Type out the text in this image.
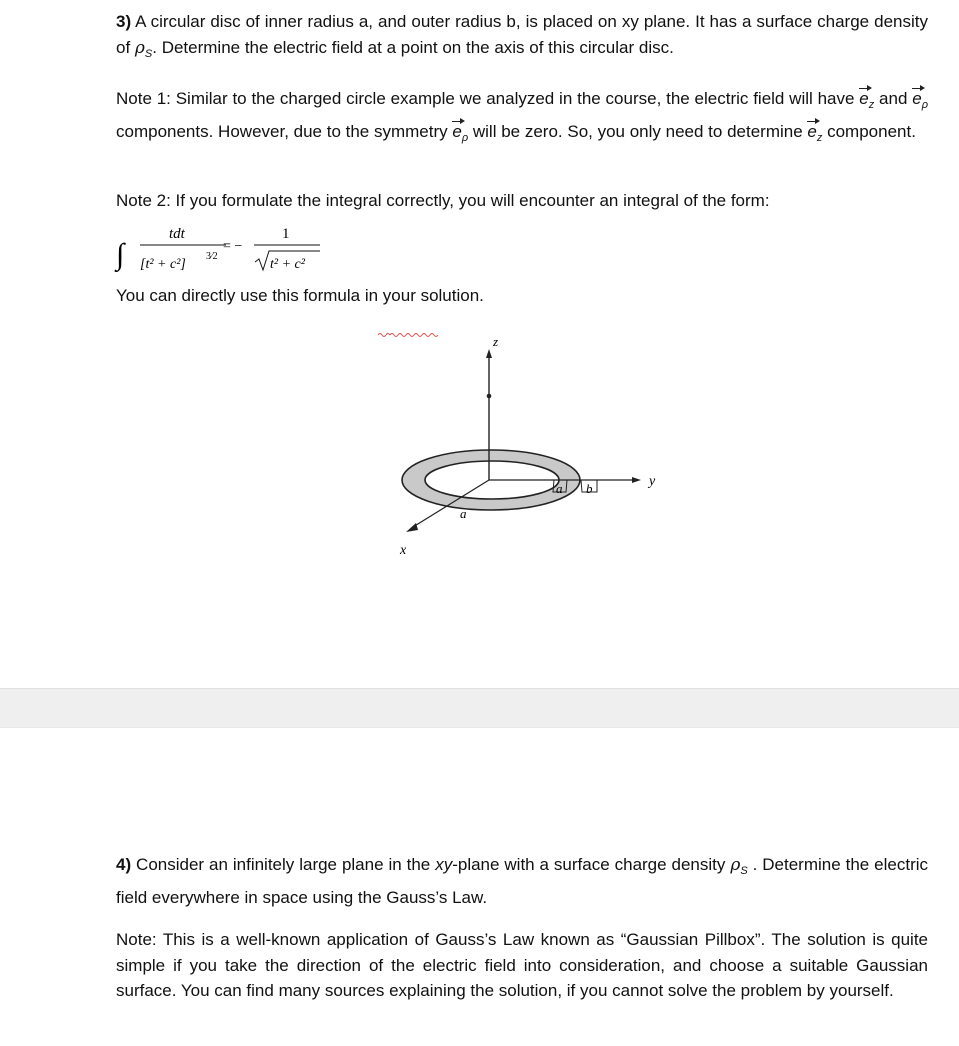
3) A circular disc of inner radius a, and outer radius b, is placed on xy plane. It has a surface charge density of $\rho_S$. Determine the electric field at a point on the axis of this circular disc.

Note 1: Similar to the charged circle example we analyzed in the course, the electric field will have $e_z$ and $e_\rho$ components. However, due to the symmetry $e_\rho$ will be zero. So, you only need to determine $e_z$ component.

Note 2: If you formulate the integral correctly, you will encounter an integral of the form:

∫
tdt
[t² + c²]
3⁄2
= −
1
t² + c²

You can directly use this formula in your solution.

z
y
x
a
a b

4) Consider an infinitely large plane in the xy-plane with a surface charge density $\rho_S$ . Determine the electric field everywhere in space using the Gauss’s Law.

Note: This is a well-known application of Gauss’s Law known as “Gaussian Pillbox”. The solution is quite simple if you take the direction of the electric field into consideration, and choose a suitable Gaussian surface. You can find many sources explaining the solution, if you cannot solve the problem by yourself.
